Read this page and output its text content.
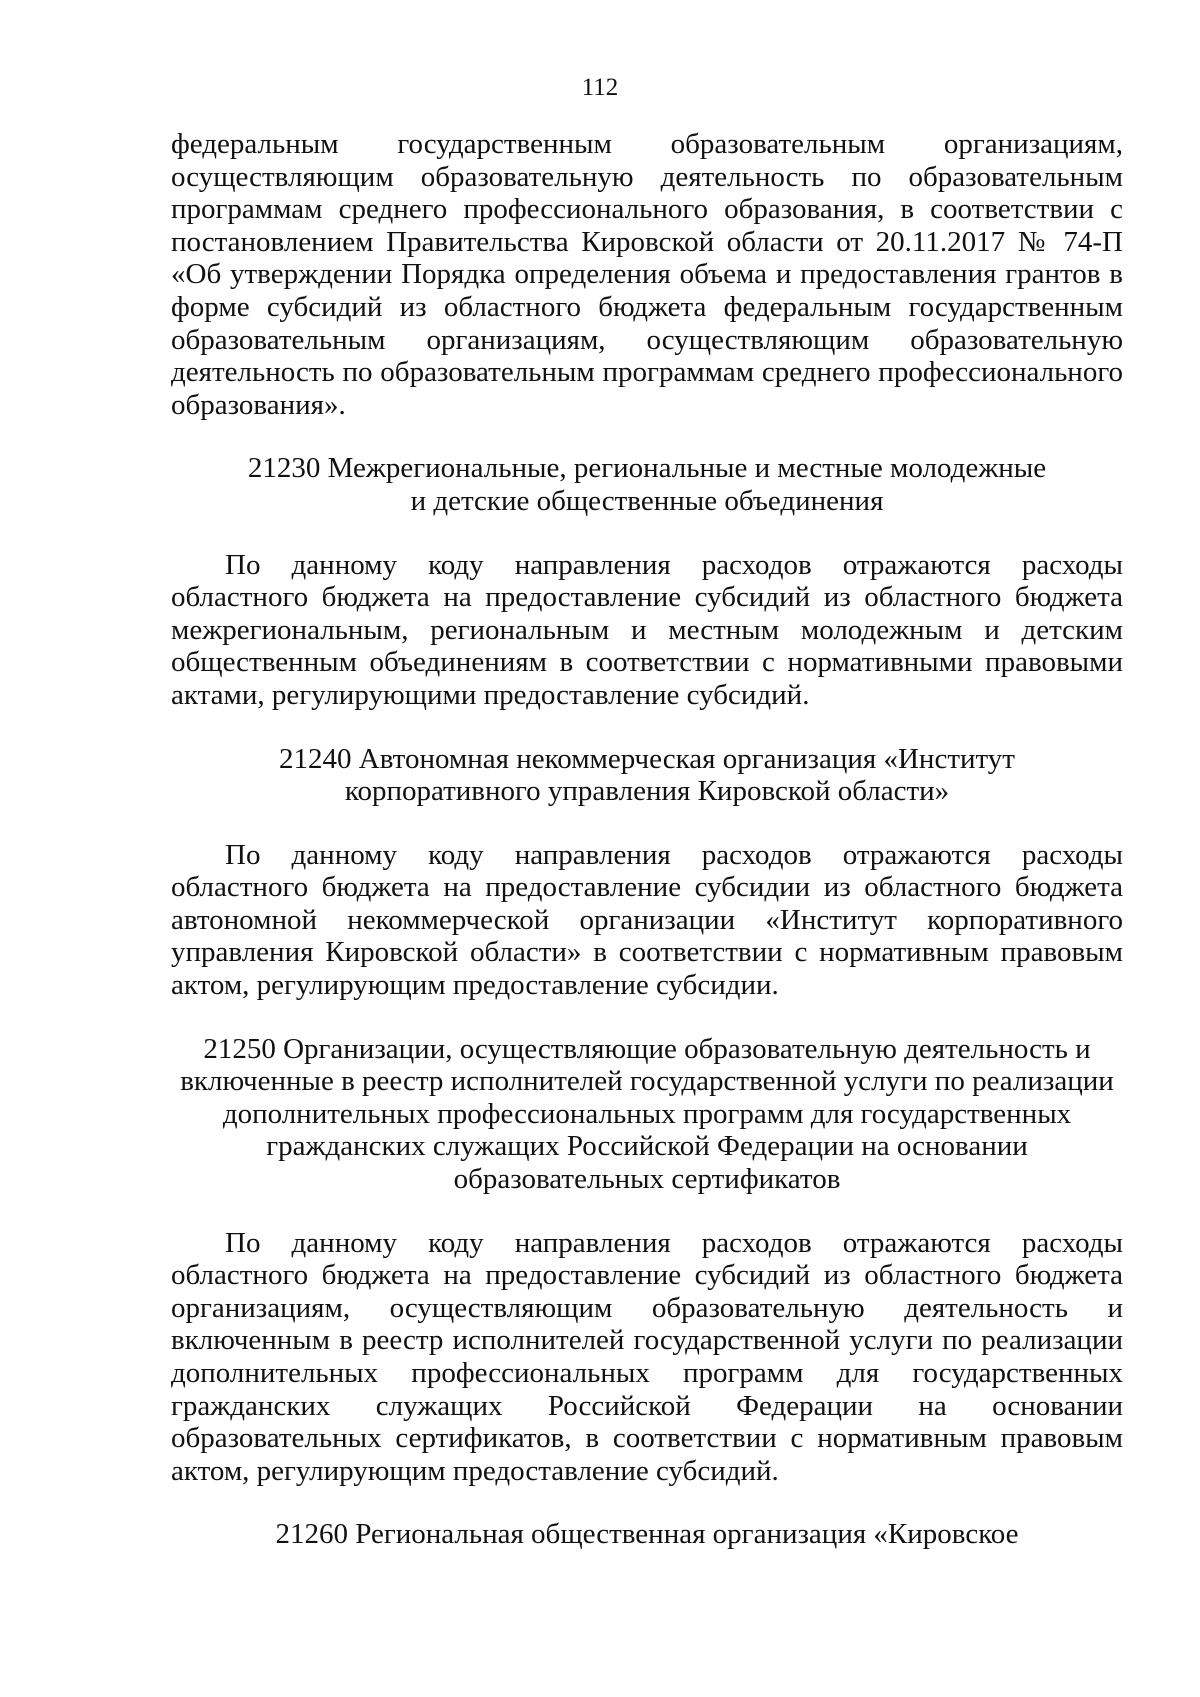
112

федеральным государственным образовательным организациям, осуществляющим образовательную деятельность по образовательным программам среднего профессионального образования, в соответствии с постановлением Правительства Кировской области от 20.11.2017 № 74-П «Об утверждении Порядка определения объема и предоставления грантов в форме субсидий из областного бюджета федеральным государственным образовательным организациям, осуществляющим образовательную деятельность по образовательным программам среднего профессионального образования».

21230 Межрегиональные, региональные и местные молодежные
и детские общественные объединения

По данному коду направления расходов отражаются расходы областного бюджета на предоставление субсидий из областного бюджета межрегиональным, региональным и местным молодежным и детским общественным объединениям в соответствии с нормативными правовыми актами, регулирующими предоставление субсидий.

21240 Автономная некоммерческая организация «Институт
корпоративного управления Кировской области»

По данному коду направления расходов отражаются расходы областного бюджета на предоставление субсидии из областного бюджета автономной некоммерческой организации «Институт корпоративного управления Кировской области» в соответствии с нормативным правовым актом, регулирующим предоставление субсидии.

21250 Организации, осуществляющие образовательную деятельность и
включенные в реестр исполнителей государственной услуги по реализации
дополнительных профессиональных программ для государственных
гражданских служащих Российской Федерации на основании
образовательных сертификатов

По данному коду направления расходов отражаются расходы областного бюджета на предоставление субсидий из областного бюджета организациям, осуществляющим образовательную деятельность и включенным в реестр исполнителей государственной услуги по реализации дополнительных профессиональных программ для государственных гражданских служащих Российской Федерации на основании образовательных сертификатов, в соответствии с нормативным правовым актом, регулирующим предоставление субсидий.

21260 Региональная общественная организация «Кировское
